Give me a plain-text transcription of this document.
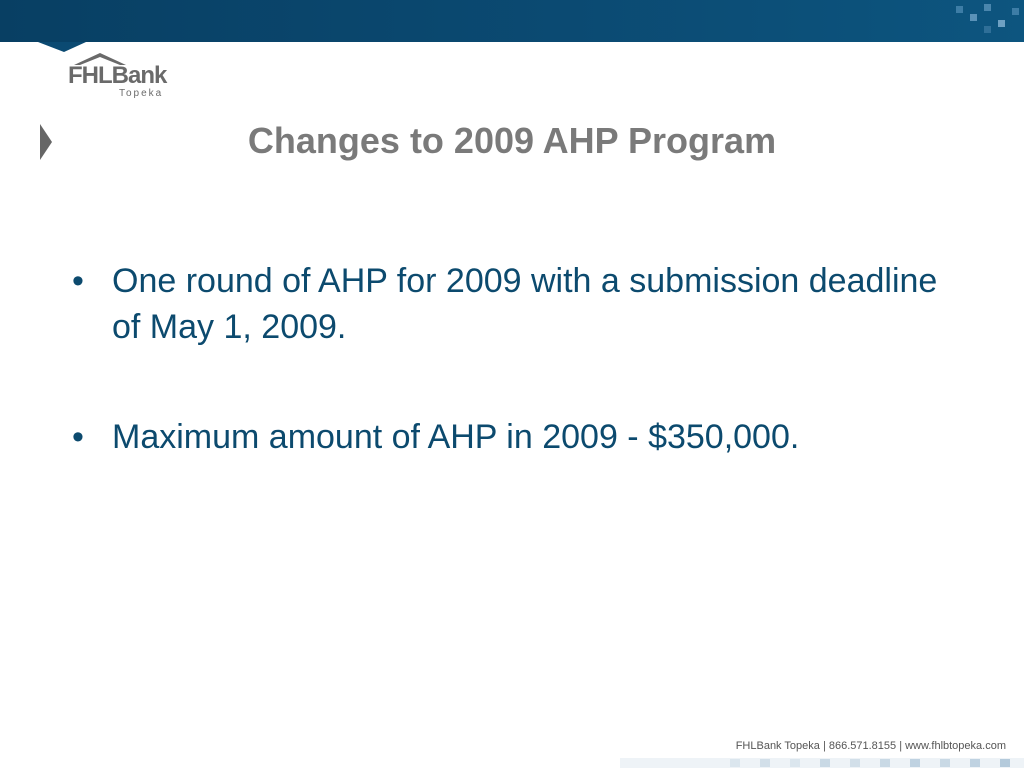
FHLBank
Topeka
Changes to 2009 AHP Program
• One round of AHP for 2009 with a submission deadline of May 1, 2009.
• Maximum amount of AHP in 2009 - $350,000.
FHLBank Topeka | 866.571.8155 | www.fhlbtopeka.com
